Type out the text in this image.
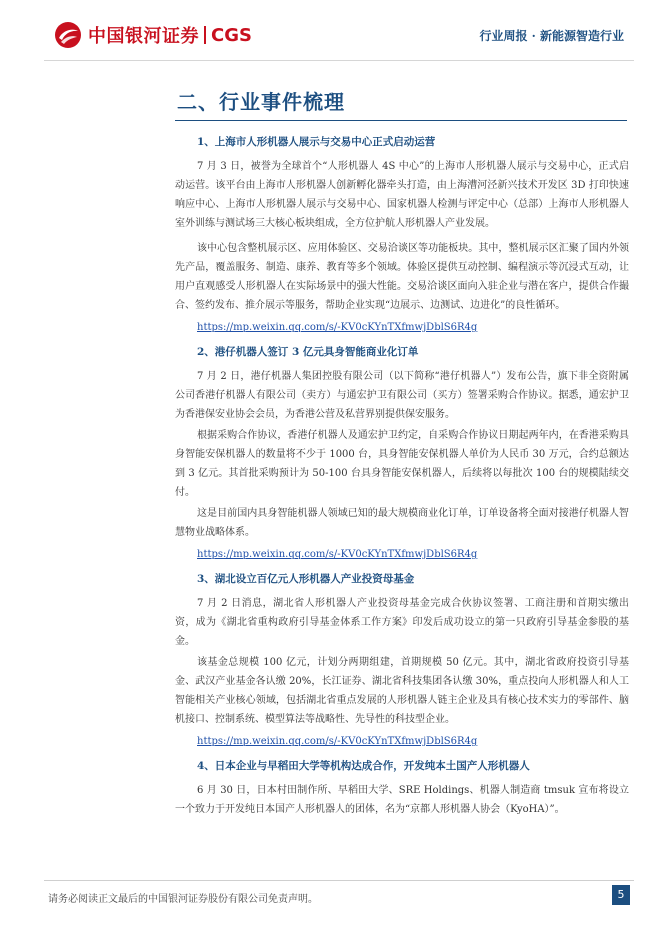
中国银河证券 CGS	行业周报 · 新能源智造行业
二、行业事件梳理
1、上海市人形机器人展示与交易中心正式启动运营

7 月 3 日，被誉为全球首个“人形机器人 4S 中心”的上海市人形机器人展示与交易中心，正式启动运营。该平台由上海市人形机器人创新孵化器牵头打造，由上海漕河泾新兴技术开发区 3D 打印快速响应中心、上海市人形机器人展示与交易中心、国家机器人检测与评定中心（总部）上海市人形机器人室外训练与测试场三大核心板块组成，全方位护航人形机器人产业发展。

该中心包含整机展示区、应用体验区、交易洽谈区等功能板块。其中，整机展示区汇聚了国内外领先产品，覆盖服务、制造、康养、教育等多个领域。体验区提供互动控制、编程演示等沉浸式互动，让用户直观感受人形机器人在实际场景中的强大性能。交易洽谈区面向入驻企业与潜在客户，提供合作撮合、签约发布、推介展示等服务，帮助企业实现“边展示、边测试、边进化”的良性循环。

https://mp.weixin.qq.com/s/-KV0cKYnTXfmwjDblS6R4g
2、港仔机器人签订 3 亿元具身智能商业化订单

7 月 2 日，港仔机器人集团控股有限公司（以下简称“港仔机器人”）发布公告，旗下非全资附属公司香港仔机器人有限公司（卖方）与通宏护卫有限公司（买方）签署采购合作协议。据悉，通宏护卫为香港保安业协会会员，为香港公营及私营界别提供保安服务。

根据采购合作协议，香港仔机器人及通宏护卫约定，自采购合作协议日期起两年内，在香港采购具身智能安保机器人的数量将不少于 1000 台，具身智能安保机器人单价为人民币 30 万元，合约总额达到 3 亿元。其首批采购预计为 50-100 台具身智能安保机器人，后续将以每批次 100 台的规模陆续交付。

这是目前国内具身智能机器人领域已知的最大规模商业化订单，订单设备将全面对接港仔机器人智慧物业战略体系。

https://mp.weixin.qq.com/s/-KV0cKYnTXfmwjDblS6R4g
3、湖北设立百亿元人形机器人产业投资母基金

7 月 2 日消息，湖北省人形机器人产业投资母基金完成合伙协议签署、工商注册和首期实缴出资，成为《湖北省重构政府引导基金体系工作方案》印发后成功设立的第一只政府引导基金参股的基金。

该基金总规模 100 亿元，计划分两期组建，首期规模 50 亿元。其中，湖北省政府投资引导基金、武汉产业基金各认缴 20%，长江证券、湖北省科技集团各认缴 30%，重点投向人形机器人和人工智能相关产业核心领域，包括湖北省重点发展的人形机器人链主企业及具有核心技术实力的零部件、脑机接口、控制系统、模型算法等战略性、先导性的科技型企业。

https://mp.weixin.qq.com/s/-KV0cKYnTXfmwjDblS6R4g
4、日本企业与早稻田大学等机构达成合作，开发纯本土国产人形机器人

6 月 30 日，日本村田制作所、早稻田大学、SRE Holdings、机器人制造商 tmsuk 宣布将设立一个致力于开发纯日本国产人形机器人的团体，名为“京都人形机器人协会（KyoHA）”。

请务必阅读正文最后的中国银河证券股份有限公司免责声明。	5
